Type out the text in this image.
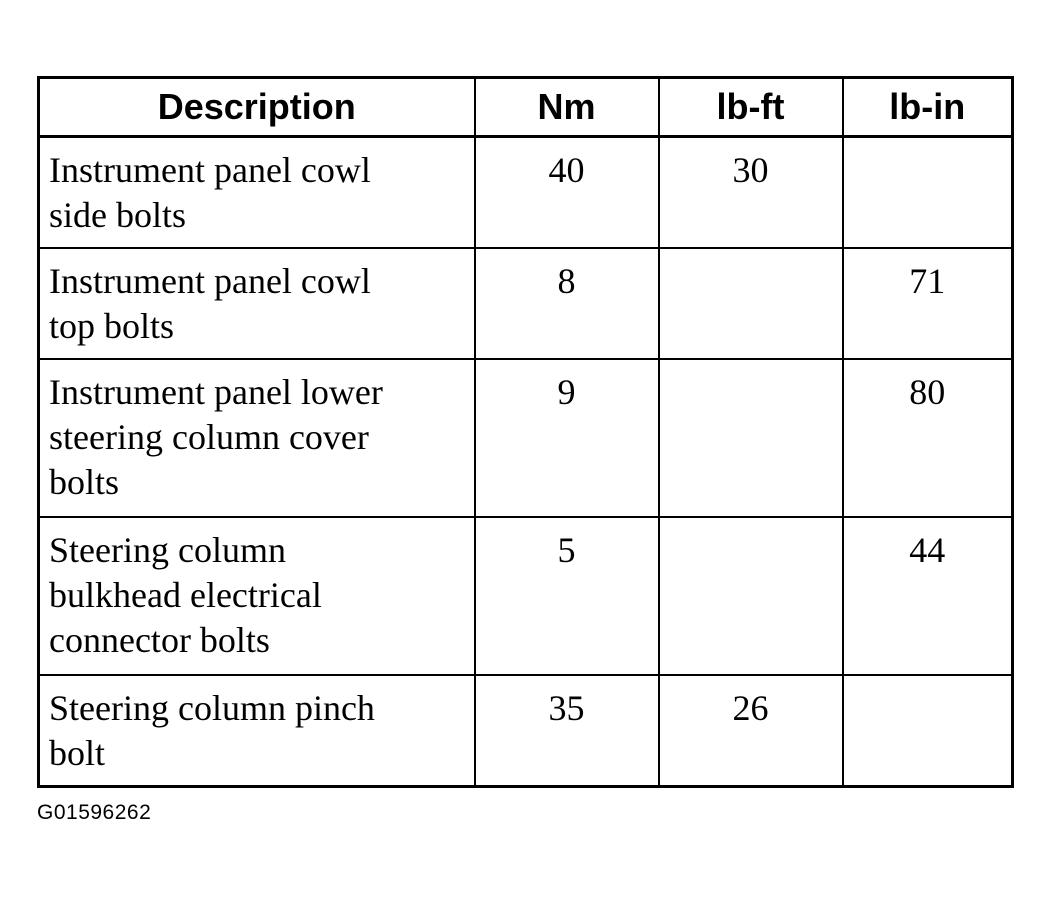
Description	Nm	lb-ft	lb-in

Instrument panel cowl
side bolts	40	30	

Instrument panel cowl
top bolts	8		71

Instrument panel lower
steering column cover
bolts	9		80

Steering column
bulkhead electrical
connector bolts	5		44

Steering column pinch
bolt	35	26	
G01596262
